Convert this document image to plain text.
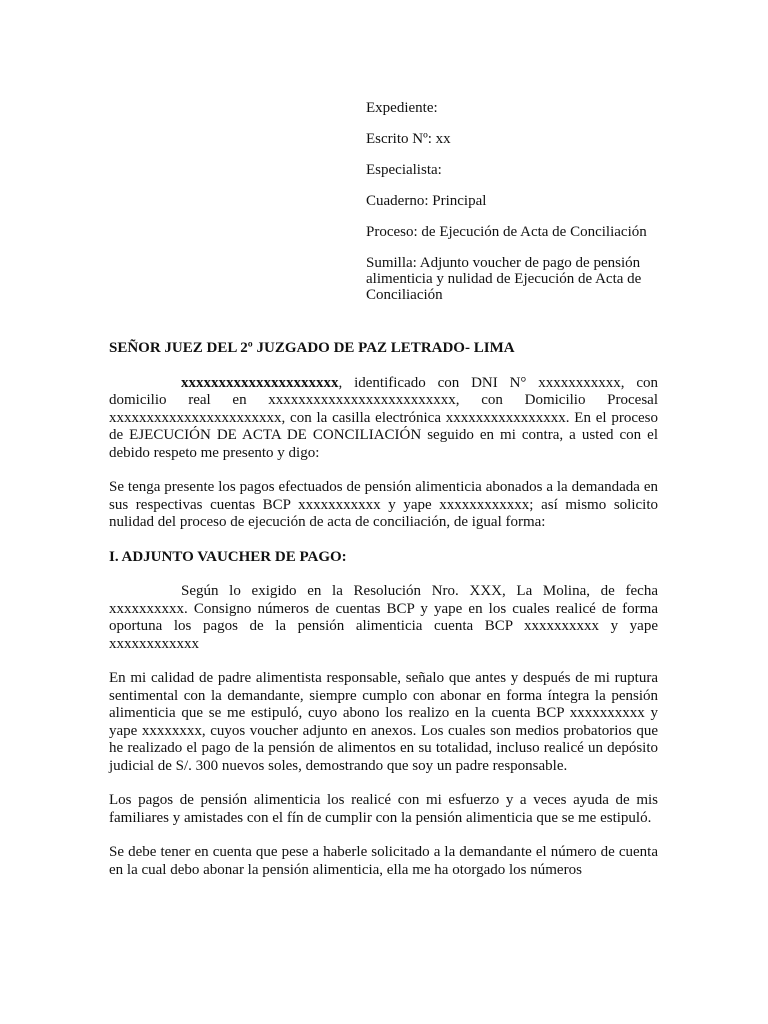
Expediente:

Escrito Nº: xx

Especialista:

Cuaderno: Principal

Proceso: de Ejecución de Acta de Conciliación

Sumilla: Adjunto voucher de pago de pensión alimenticia y nulidad de Ejecución de Acta de Conciliación

SEÑOR JUEZ DEL 2º JUZGADO DE PAZ LETRADO- LIMA

xxxxxxxxxxxxxxxxxxxxx, identificado con DNI N° xxxxxxxxxxx, con domicilio real en xxxxxxxxxxxxxxxxxxxxxxxxx, con Domicilio Procesal xxxxxxxxxxxxxxxxxxxxxxx, con la casilla electrónica xxxxxxxxxxxxxxxx. En el proceso de EJECUCIÓN DE ACTA DE CONCILIACIÓN seguido en mi contra, a usted con el debido respeto me presento y digo:

Se tenga presente los pagos efectuados de pensión alimenticia abonados a la demandada en sus respectivas cuentas BCP xxxxxxxxxxx y yape xxxxxxxxxxxx; así mismo solicito nulidad del proceso de ejecución de acta de conciliación, de igual forma:

I. ADJUNTO VAUCHER DE PAGO:

Según lo exigido en la Resolución Nro. XXX, La Molina, de fecha xxxxxxxxxx. Consigno números de cuentas BCP y yape en los cuales realicé de forma oportuna los pagos de la pensión alimenticia cuenta BCP xxxxxxxxxx y yape xxxxxxxxxxxx

En mi calidad de padre alimentista responsable, señalo que antes y después de mi ruptura sentimental con la demandante, siempre cumplo con abonar en forma íntegra la pensión alimenticia que se me estipuló, cuyo abono los realizo en la cuenta BCP xxxxxxxxxx y yape xxxxxxxx, cuyos voucher adjunto en anexos. Los cuales son medios probatorios que he realizado el pago de la pensión de alimentos en su totalidad, incluso realicé un depósito judicial de S/. 300 nuevos soles, demostrando que soy un padre responsable.

Los pagos de pensión alimenticia los realicé con mi esfuerzo y a veces ayuda de mis familiares y amistades con el fín de cumplir con la pensión alimenticia que se me estipuló.

Se debe tener en cuenta que pese a haberle solicitado a la demandante el número de cuenta en la cual debo abonar la pensión alimenticia, ella me ha otorgado los números
